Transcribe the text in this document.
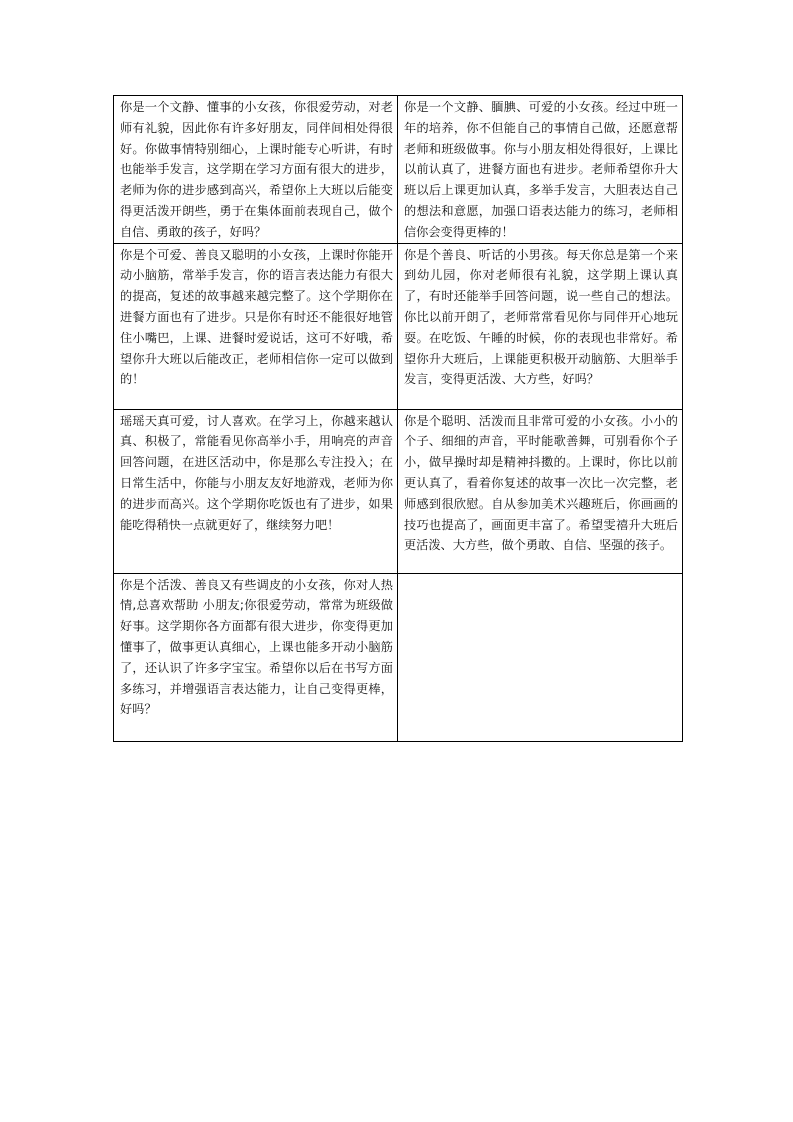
你是一个文静、懂事的小女孩，你很爱劳动，对老师有礼貌，因此你有许多好朋友，同伴间相处得很好。你做事情特别细心，上课时能专心听讲，有时也能举手发言，这学期在学习方面有很大的进步，老师为你的进步感到高兴，希望你上大班以后能变得更活泼开朗些，勇于在集体面前表现自己，做个自信、勇敢的孩子，好吗？	你是一个文静、腼腆、可爱的小女孩。经过中班一年的培养，你不但能自己的事情自己做，还愿意帮老师和班级做事。你与小朋友相处得很好，上课比以前认真了，进餐方面也有进步。老师希望你升大班以后上课更加认真，多举手发言，大胆表达自己的想法和意愿，加强口语表达能力的练习，老师相信你会变得更棒的！
你是个可爱、善良又聪明的小女孩，上课时你能开动小脑筋，常举手发言，你的语言表达能力有很大的提高，复述的故事越来越完整了。这个学期你在进餐方面也有了进步。只是你有时还不能很好地管住小嘴巴，上课、进餐时爱说话，这可不好哦，希望你升大班以后能改正，老师相信你一定可以做到的！	你是个善良、听话的小男孩。每天你总是第一个来到幼儿园，你对老师很有礼貌，这学期上课认真了，有时还能举手回答问题，说一些自己的想法。你比以前开朗了，老师常常看见你与同伴开心地玩耍。在吃饭、午睡的时候，你的表现也非常好。希望你升大班后，上课能更积极开动脑筋、大胆举手发言，变得更活泼、大方些，好吗？
瑶瑶天真可爱，讨人喜欢。在学习上，你越来越认真、积极了，常能看见你高举小手，用响亮的声音回答问题，在进区活动中，你是那么专注投入；在日常生活中，你能与小朋友友好地游戏，老师为你的进步而高兴。这个学期你吃饭也有了进步，如果能吃得稍快一点就更好了，继续努力吧！	你是个聪明、活泼而且非常可爱的小女孩。小小的个子、细细的声音，平时能歌善舞，可别看你个子小，做早操时却是精神抖擞的。上课时，你比以前更认真了，看着你复述的故事一次比一次完整，老师感到很欣慰。自从参加美术兴趣班后，你画画的技巧也提高了，画面更丰富了。希望雯禧升大班后更活泼、大方些，做个勇敢、自信、坚强的孩子。
你是个活泼、善良又有些调皮的小女孩，你对人热情,总喜欢帮助 小朋友;你很爱劳动，常常为班级做好事。这学期你各方面都有很大进步，你变得更加懂事了，做事更认真细心，上课也能多开动小脑筋了，还认识了许多字宝宝。希望你以后在书写方面多练习，并增强语言表达能力，让自己变得更棒，好吗？	
